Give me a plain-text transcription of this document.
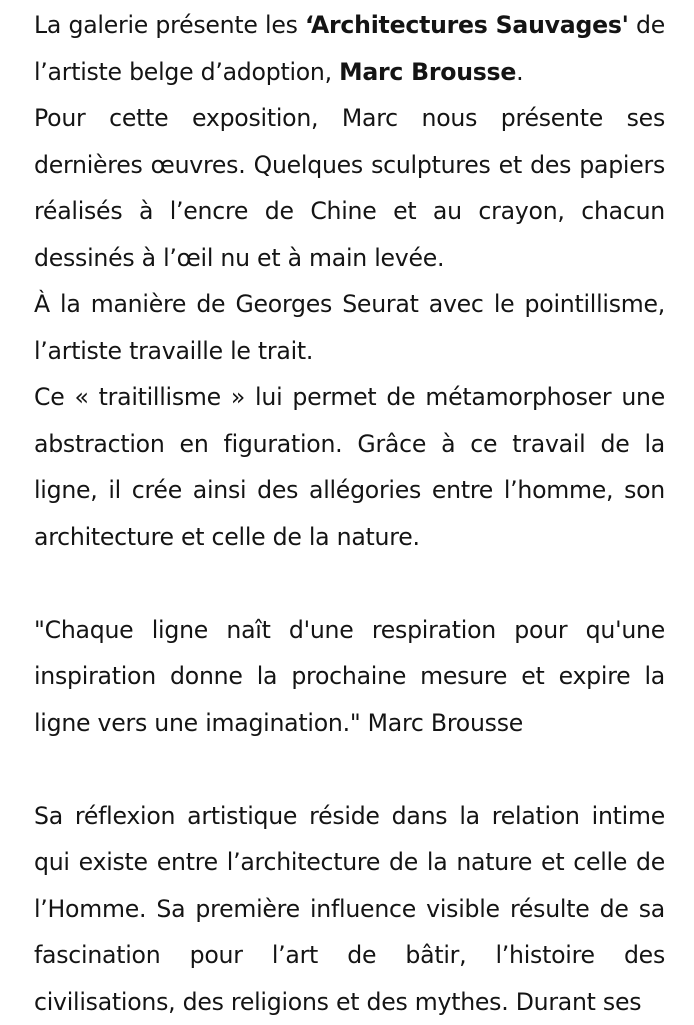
La galerie présente les ‘Architectures Sauvages' de l’artiste belge d’adoption, Marc Brousse.

Pour cette exposition, Marc nous présente ses dernières œuvres. Quelques sculptures et des papiers réalisés à l’encre de Chine et au crayon, chacun dessinés à l’œil nu et à main levée.

À la manière de Georges Seurat avec le pointillisme, l’artiste travaille le trait.

Ce « traitillisme » lui permet de métamorphoser une abstraction en figuration. Grâce à ce travail de la ligne, il crée ainsi des allégories entre l’homme, son architecture et celle de la nature.

"Chaque ligne naît d'une respiration pour qu'une inspiration donne la prochaine mesure et expire la ligne vers une imagination." Marc Brousse

Sa réflexion artistique réside dans la relation intime qui existe entre l’architecture de la nature et celle de l’Homme. Sa première influence visible résulte de sa fascination pour l’art de bâtir, l’histoire des civilisations, des religions et des mythes. Durant ses
